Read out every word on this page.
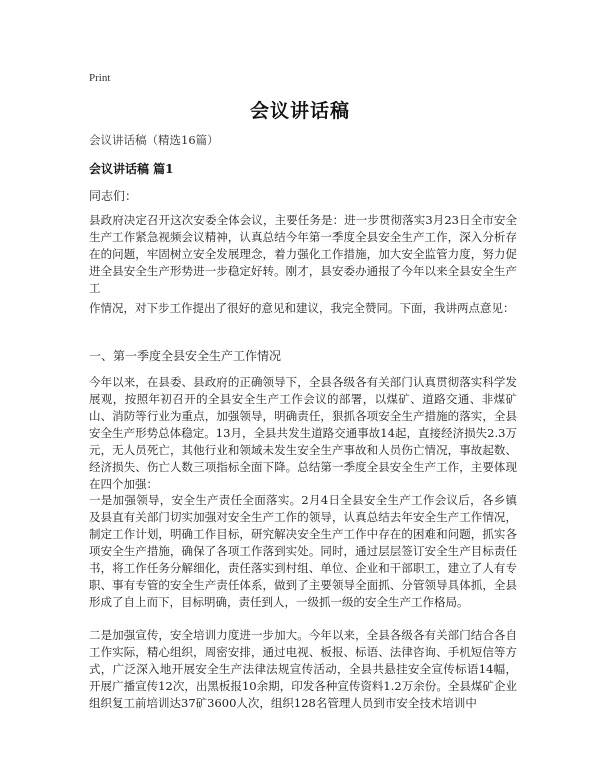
Print
会议讲话稿
会议讲话稿（精选16篇）
会议讲话稿 篇1
同志们：
县政府决定召开这次安委全体会议，主要任务是：进一步贯彻落实3月23日全市安全生产工作紧急视频会议精神，认真总结今年第一季度全县安全生产工作，深入分析存在的问题，牢固树立安全发展理念，着力强化工作措施，加大安全监管力度，努力促进全县安全生产形势进一步稳定好转。刚才，县安委办通报了今年以来全县安全生产工
作情况，对下步工作提出了很好的意见和建议，我完全赞同。下面，我讲两点意见：
一、第一季度全县安全生产工作情况
今年以来，在县委、县政府的正确领导下，全县各级各有关部门认真贯彻落实科学发展观，按照年初召开的全县安全生产工作会议的部署，以煤矿、道路交通、非煤矿山、消防等行业为重点，加强领导，明确责任，狠抓各项安全生产措施的落实，全县安全生产形势总体稳定。13月，全县共发生道路交通事故14起，直接经济损失2.3万元，无人员死亡，其他行业和领域未发生安全生产事故和人员伤亡情况，事故起数、经济损失、伤亡人数三项指标全面下降。总结第一季度全县安全生产工作，主要体现在四个加强：
一是加强领导，安全生产责任全面落实。2月4日全县安全生产工作会议后，各乡镇及县直有关部门切实加强对安全生产工作的领导，认真总结去年安全生产工作情况，制定工作计划，明确工作目标，研究解决安全生产工作中存在的困难和问题，抓实各项安全生产措施，确保了各项工作落到实处。同时，通过层层签订安全生产目标责任书，将工作任务分解细化，责任落实到村组、单位、企业和干部职工，建立了人有专职、事有专管的安全生产责任体系，做到了主要领导全面抓、分管领导具体抓，全县形成了自上而下，目标明确，责任到人，一级抓一级的安全生产工作格局。
二是加强宣传，安全培训力度进一步加大。今年以来，全县各级各有关部门结合各自工作实际，精心组织，周密安排，通过电视、板报、标语、法律咨询、手机短信等方式，广泛深入地开展安全生产法律法规宣传活动，全县共悬挂安全宣传标语14幅，开展广播宣传12次，出黑板报10余期，印发各种宣传资料1.2万余份。全县煤矿企业组织复工前培训达37矿3600人次，组织128名管理人员到市安全技术培训中
